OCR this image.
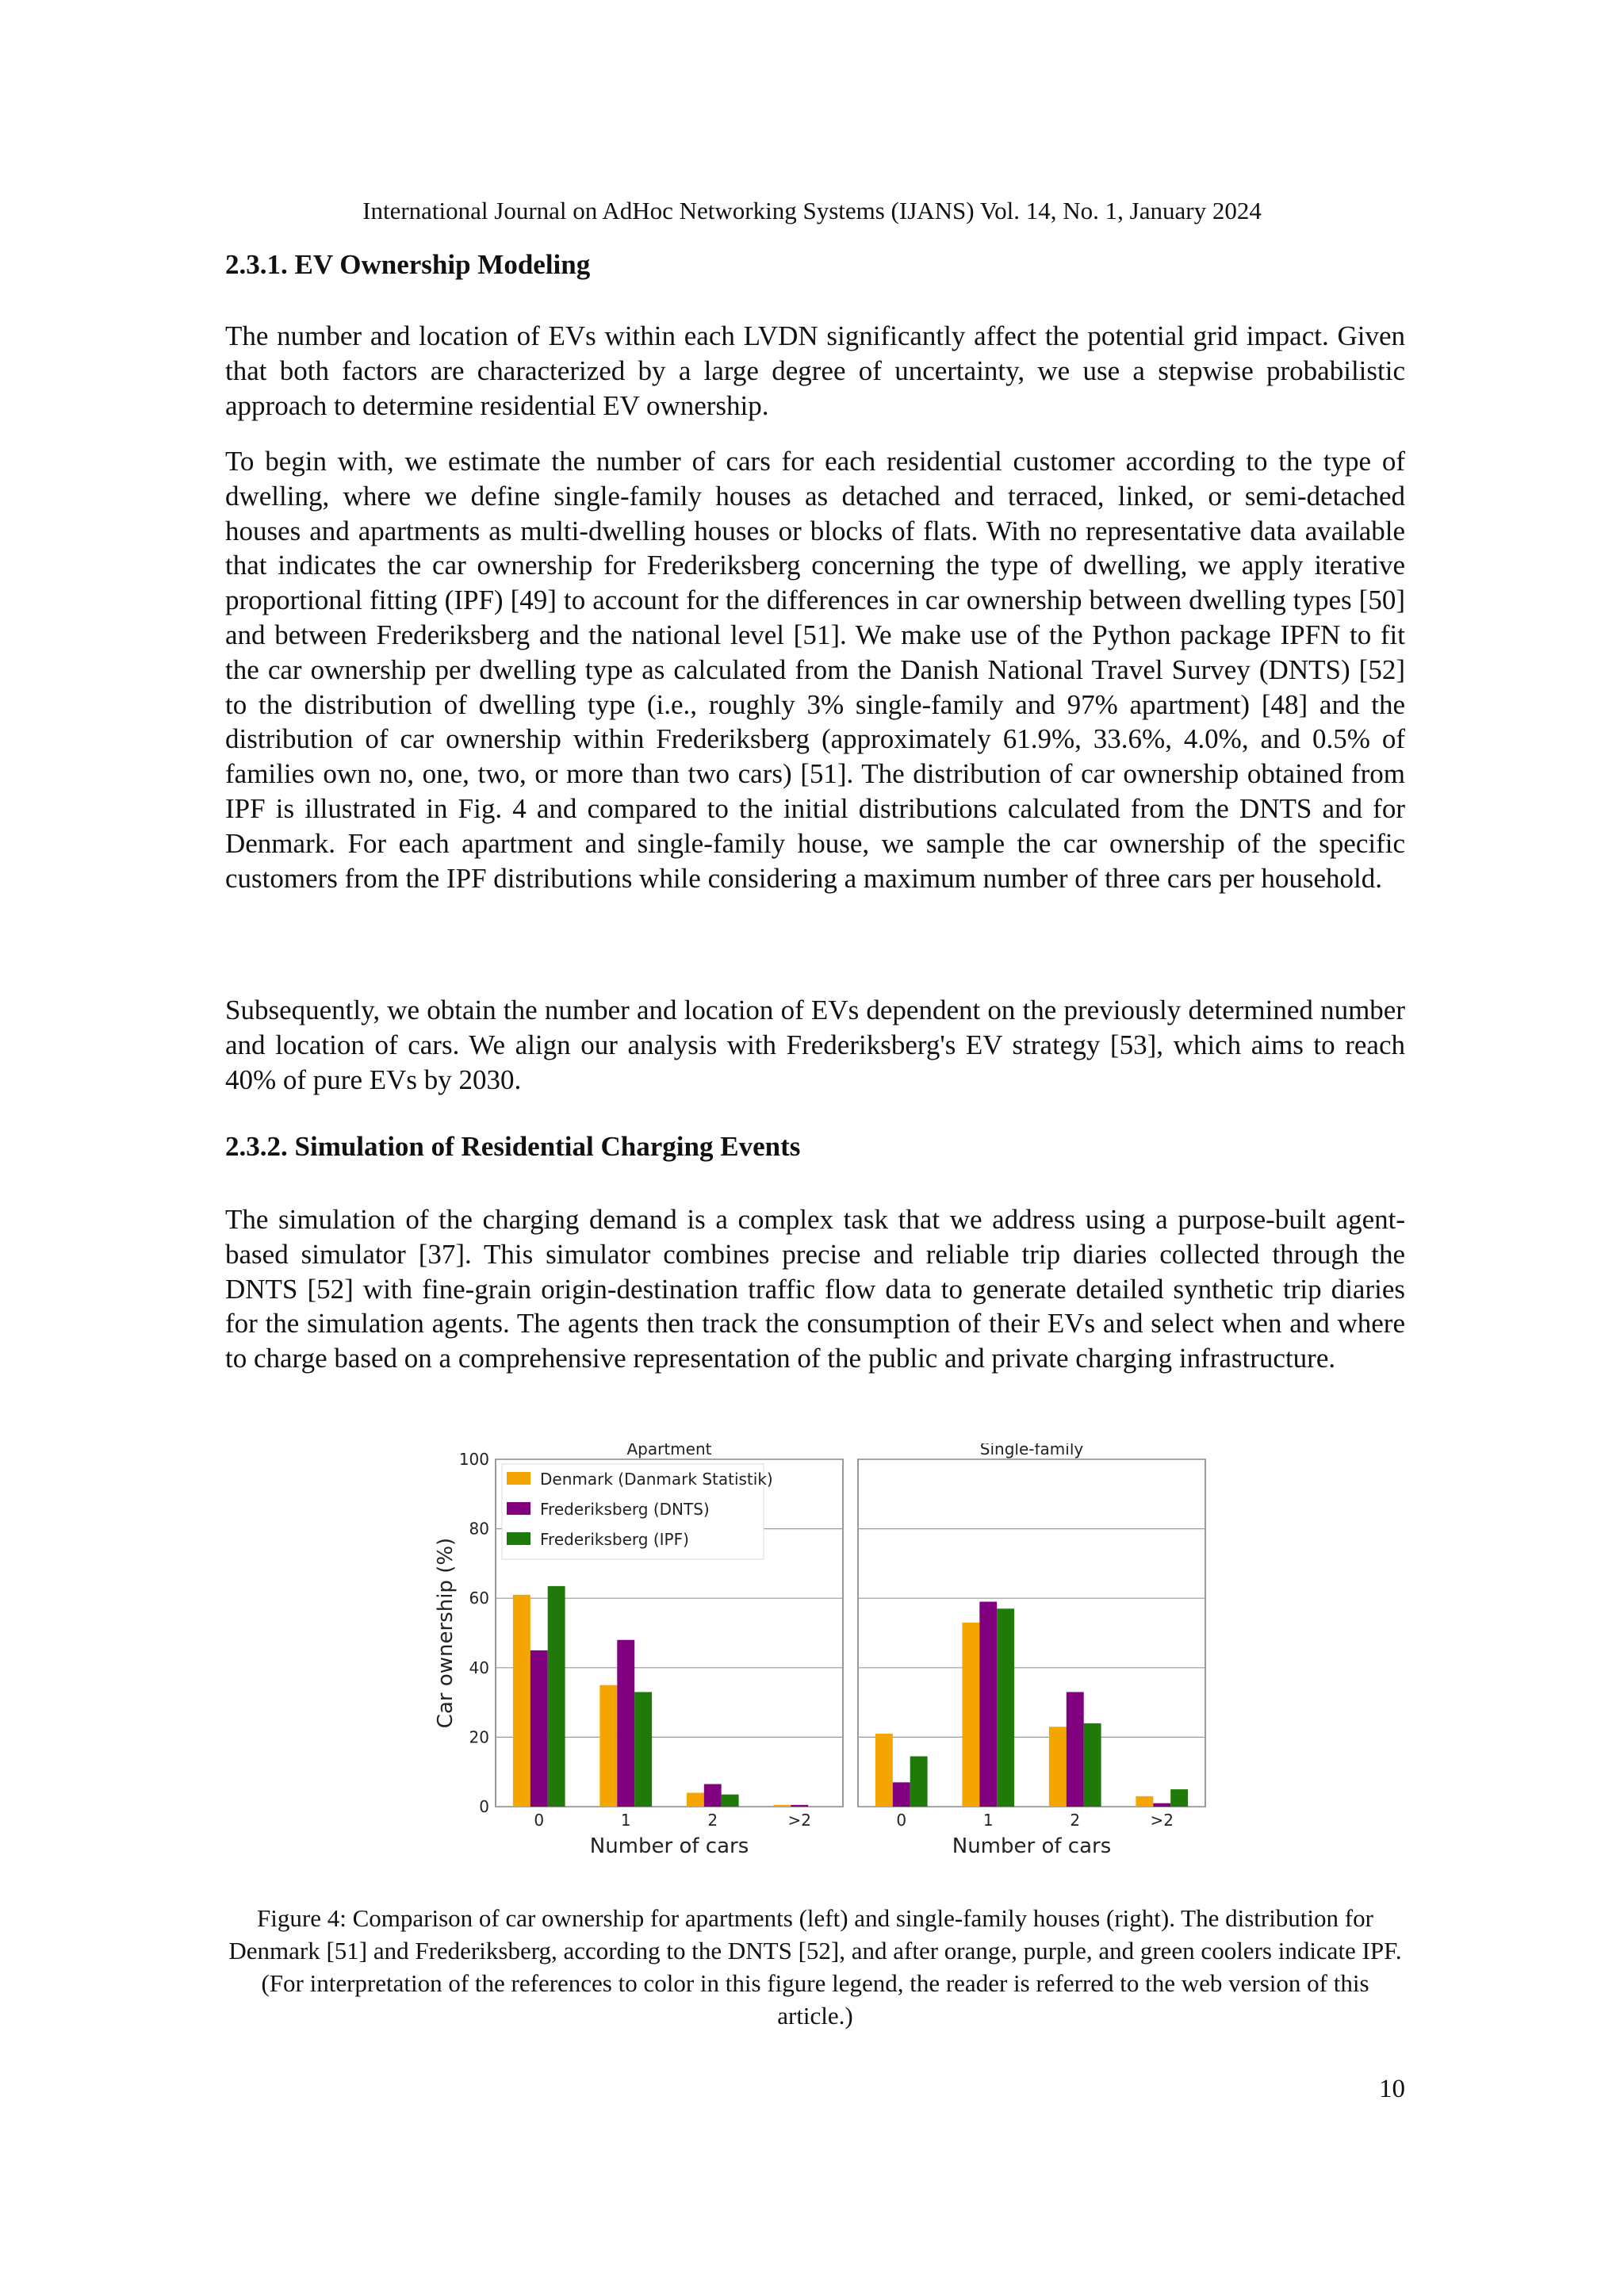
International Journal on AdHoc Networking Systems (IJANS) Vol. 14, No. 1, January 2024
2.3.1. EV Ownership Modeling
The number and location of EVs within each LVDN significantly affect the potential grid impact. Given that both factors are characterized by a large degree of uncertainty, we use a stepwise probabilistic approach to determine residential EV ownership.
To begin with, we estimate the number of cars for each residential customer according to the type of dwelling, where we define single-family houses as detached and terraced, linked, or semi-detached houses and apartments as multi-dwelling houses or blocks of flats. With no representative data available that indicates the car ownership for Frederiksberg concerning the type of dwelling, we apply iterative proportional fitting (IPF) [49] to account for the differences in car ownership between dwelling types [50] and between Frederiksberg and the national level [51]. We make use of the Python package IPFN to fit the car ownership per dwelling type as calculated from the Danish National Travel Survey (DNTS) [52] to the distribution of dwelling type (i.e., roughly 3% single-family and 97% apartment) [48] and the distribution of car ownership within Frederiksberg (approximately 61.9%, 33.6%, 4.0%, and 0.5% of families own no, one, two, or more than two cars) [51]. The distribution of car ownership obtained from IPF is illustrated in Fig. 4 and compared to the initial distributions calculated from the DNTS and for Denmark. For each apartment and single-family house, we sample the car ownership of the specific customers from the IPF distributions while considering a maximum number of three cars per household.
Subsequently, we obtain the number and location of EVs dependent on the previously determined number and location of cars. We align our analysis with Frederiksberg's EV strategy [53], which aims to reach 40% of pure EVs by 2030.
2.3.2. Simulation of Residential Charging Events
The simulation of the charging demand is a complex task that we address using a purpose-built agent-based simulator [37]. This simulator combines precise and reliable trip diaries collected through the DNTS [52] with fine-grain origin-destination traffic flow data to generate detailed synthetic trip diaries for the simulation agents. The agents then track the consumption of their EVs and select when and where to charge based on a comprehensive representation of the public and private charging infrastructure.
Car ownership (%)
Apartment
0	1	2	>2
Number of cars
Single-family
0	1	2	>2
Number of cars
0
20
40
60
80
100
Denmark (Danmark Statistik)
Frederiksberg (DNTS)
Frederiksberg (IPF)
Figure 4: Comparison of car ownership for apartments (left) and single-family houses (right). The distribution for Denmark [51] and Frederiksberg, according to the DNTS [52], and after orange, purple, and green coolers indicate IPF. (For interpretation of the references to color in this figure legend, the reader is referred to the web version of this article.)
10
